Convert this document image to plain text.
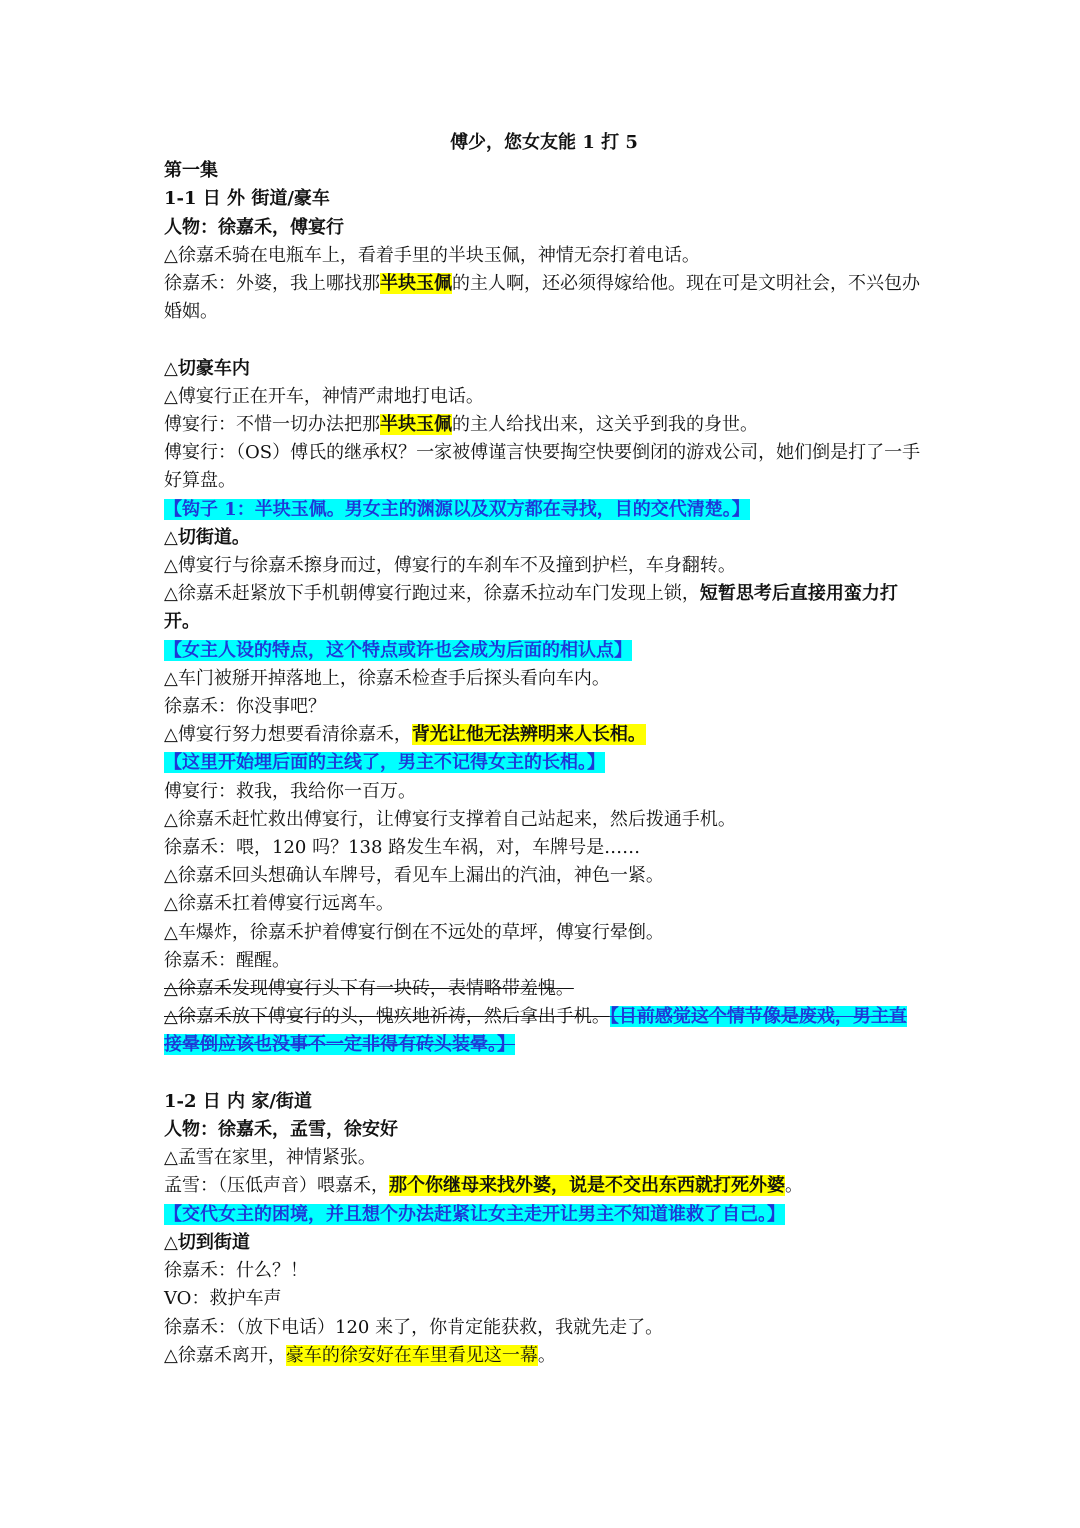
傅少，您女友能 1 打 5
第一集
1-1 日 外 街道/豪车
人物：徐嘉禾，傅宴行
△徐嘉禾骑在电瓶车上，看着手里的半块玉佩，神情无奈打着电话。
徐嘉禾：外婆，我上哪找那半块玉佩的主人啊，还必须得嫁给他。现在可是文明社会，不兴包办婚姻。
△切豪车内
△傅宴行正在开车，神情严肃地打电话。
傅宴行：不惜一切办法把那半块玉佩的主人给找出来，这关乎到我的身世。
傅宴行：（OS）傅氏的继承权？一家被傅谨言快要掏空快要倒闭的游戏公司，她们倒是打了一手好算盘。
【钩子 1：半块玉佩。男女主的渊源以及双方都在寻找，目的交代清楚。】
△切街道。
△傅宴行与徐嘉禾擦身而过，傅宴行的车刹车不及撞到护栏，车身翻转。
△徐嘉禾赶紧放下手机朝傅宴行跑过来，徐嘉禾拉动车门发现上锁，短暂思考后直接用蛮力打开。
【女主人设的特点，这个特点或许也会成为后面的相认点】
△车门被掰开掉落地上，徐嘉禾检查手后探头看向车内。
徐嘉禾：你没事吧？
△傅宴行努力想要看清徐嘉禾，背光让他无法辨明来人长相。
【这里开始埋后面的主线了，男主不记得女主的长相。】
傅宴行：救我，我给你一百万。
△徐嘉禾赶忙救出傅宴行，让傅宴行支撑着自己站起来，然后拨通手机。
徐嘉禾：喂，120 吗？138 路发生车祸，对，车牌号是……
△徐嘉禾回头想确认车牌号，看见车上漏出的汽油，神色一紧。
△徐嘉禾扛着傅宴行远离车。
△车爆炸，徐嘉禾护着傅宴行倒在不远处的草坪，傅宴行晕倒。
徐嘉禾：醒醒。
△徐嘉禾发现傅宴行头下有一块砖，表情略带羞愧。
△徐嘉禾放下傅宴行的头，愧疚地祈祷，然后拿出手机。【目前感觉这个情节像是废戏，男主直接晕倒应该也没事不一定非得有砖头装晕。】
1-2 日 内 家/街道
人物：徐嘉禾，孟雪，徐安好
△孟雪在家里，神情紧张。
孟雪：（压低声音）喂嘉禾，那个你继母来找外婆，说是不交出东西就打死外婆。
【交代女主的困境，并且想个办法赶紧让女主走开让男主不知道谁救了自己。】
△切到街道
徐嘉禾：什么？！
VO：救护车声
徐嘉禾：（放下电话）120 来了，你肯定能获救，我就先走了。
△徐嘉禾离开，豪车的徐安好在车里看见这一幕。
